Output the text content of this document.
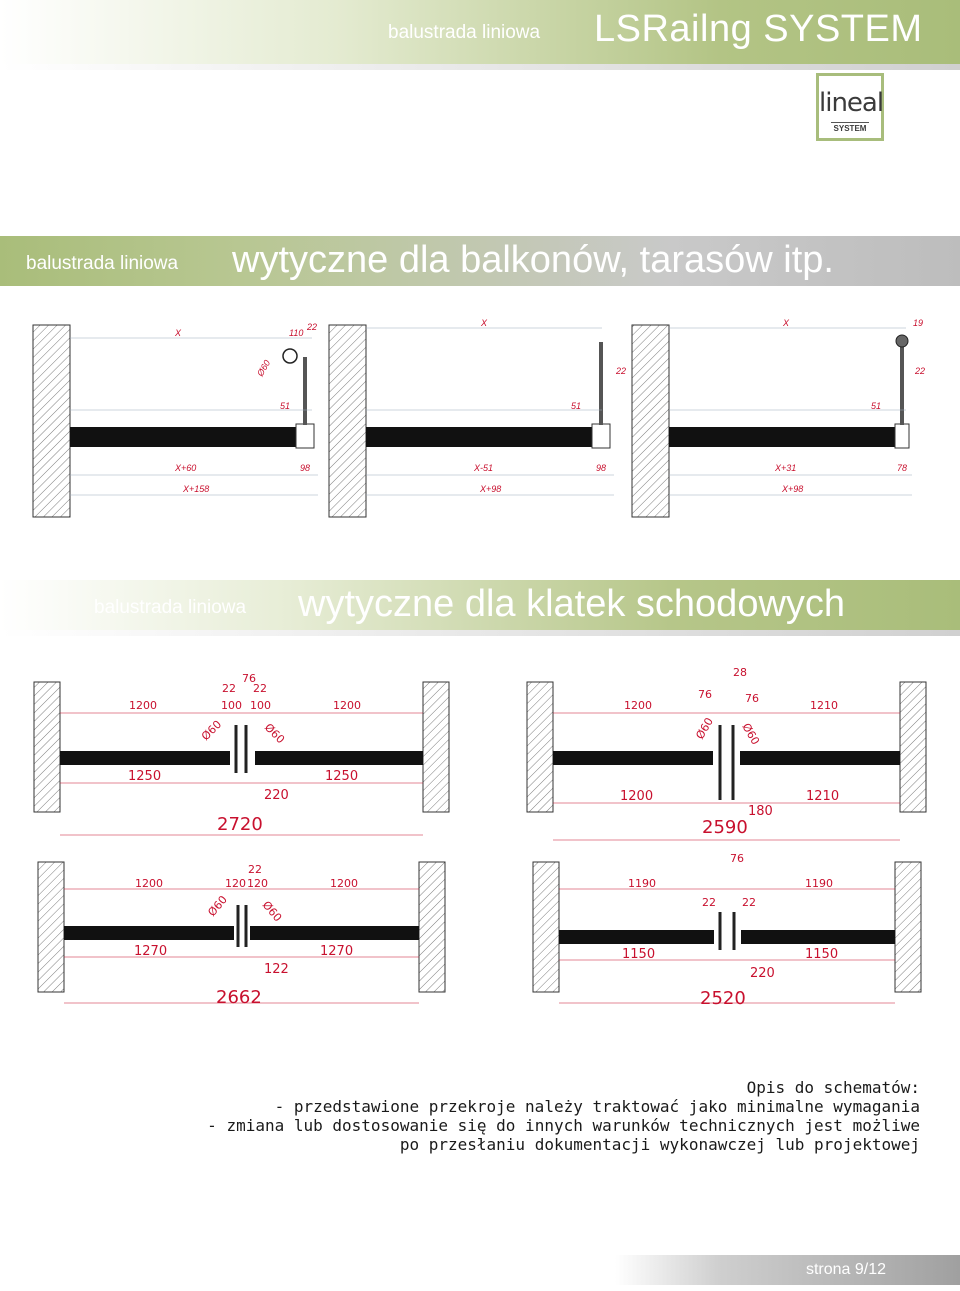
balustrada liniowa LSRailng SYSTEM
lineal
SYSTEM
balustrada liniowa wytyczne dla balkonów, tarasów itp.
balustrada liniowa wytyczne dla klatek schodowych
X	110
22
Ø60
51
X+60	98
X+158
X
22
51
X-51	98
X+98
X	19
22
51
X+31	78
X+98
76
22 22
1200	100 100	1200
Ø60	Ø60
1250	1250
220
2720
28
76	76
1200	1210
Ø60 Ø60
1200	1210
180
2590
22
1200	120 120	1200
Ø60	Ø60
1270	1270
122
2662
76
1190	1190
22 22
1150	1150
220
2520
Opis do schematów:
- przedstawione przekroje należy traktować jako minimalne wymagania
- zmiana lub dostosowanie się do innych warunków technicznych jest możliwe
po przesłaniu dokumentacji wykonawczej lub projektowej
strona 9/12
